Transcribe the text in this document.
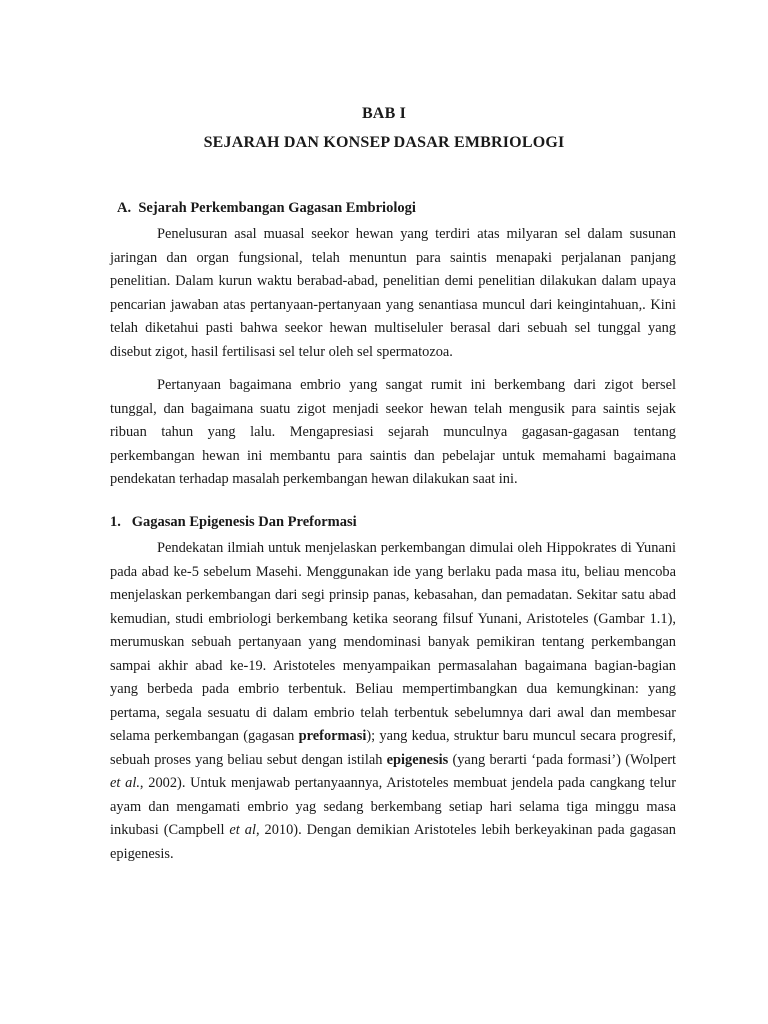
BAB I
SEJARAH DAN KONSEP DASAR EMBRIOLOGI
A. Sejarah Perkembangan Gagasan Embriologi
Penelusuran asal muasal seekor hewan yang terdiri atas milyaran sel dalam susunan jaringan dan organ fungsional, telah menuntun para saintis menapaki perjalanan panjang penelitian. Dalam kurun waktu berabad-abad, penelitian demi penelitian dilakukan dalam upaya pencarian jawaban atas pertanyaan-pertanyaan yang senantiasa muncul dari keingintahuan,. Kini telah diketahui pasti bahwa seekor hewan multiseluler berasal dari sebuah sel tunggal yang disebut zigot, hasil fertilisasi sel telur oleh sel spermatozoa.
Pertanyaan bagaimana embrio yang sangat rumit ini berkembang dari zigot bersel tunggal, dan bagaimana suatu zigot menjadi seekor hewan telah mengusik para saintis sejak ribuan tahun yang lalu. Mengapresiasi sejarah munculnya gagasan-gagasan tentang perkembangan hewan ini membantu para saintis dan pebelajar untuk memahami bagaimana pendekatan terhadap masalah perkembangan hewan dilakukan saat ini.
1. Gagasan Epigenesis Dan Preformasi
Pendekatan ilmiah untuk menjelaskan perkembangan dimulai oleh Hippokrates di Yunani pada abad ke-5 sebelum Masehi. Menggunakan ide yang berlaku pada masa itu, beliau mencoba menjelaskan perkembangan dari segi prinsip panas, kebasahan, dan pemadatan. Sekitar satu abad kemudian, studi embriologi berkembang ketika seorang filsuf Yunani, Aristoteles (Gambar 1.1), merumuskan sebuah pertanyaan yang mendominasi banyak pemikiran tentang perkembangan sampai akhir abad ke-19. Aristoteles menyampaikan permasalahan bagaimana bagian-bagian yang berbeda pada embrio terbentuk. Beliau mempertimbangkan dua kemungkinan: yang pertama, segala sesuatu di dalam embrio telah terbentuk sebelumnya dari awal dan membesar selama perkembangan (gagasan preformasi); yang kedua, struktur baru muncul secara progresif, sebuah proses yang beliau sebut dengan istilah epigenesis (yang berarti ‘pada formasi’) (Wolpert et al., 2002). Untuk menjawab pertanyaannya, Aristoteles membuat jendela pada cangkang telur ayam dan mengamati embrio yag sedang berkembang setiap hari selama tiga minggu masa inkubasi (Campbell et al, 2010). Dengan demikian Aristoteles lebih berkeyakinan pada gagasan epigenesis.
